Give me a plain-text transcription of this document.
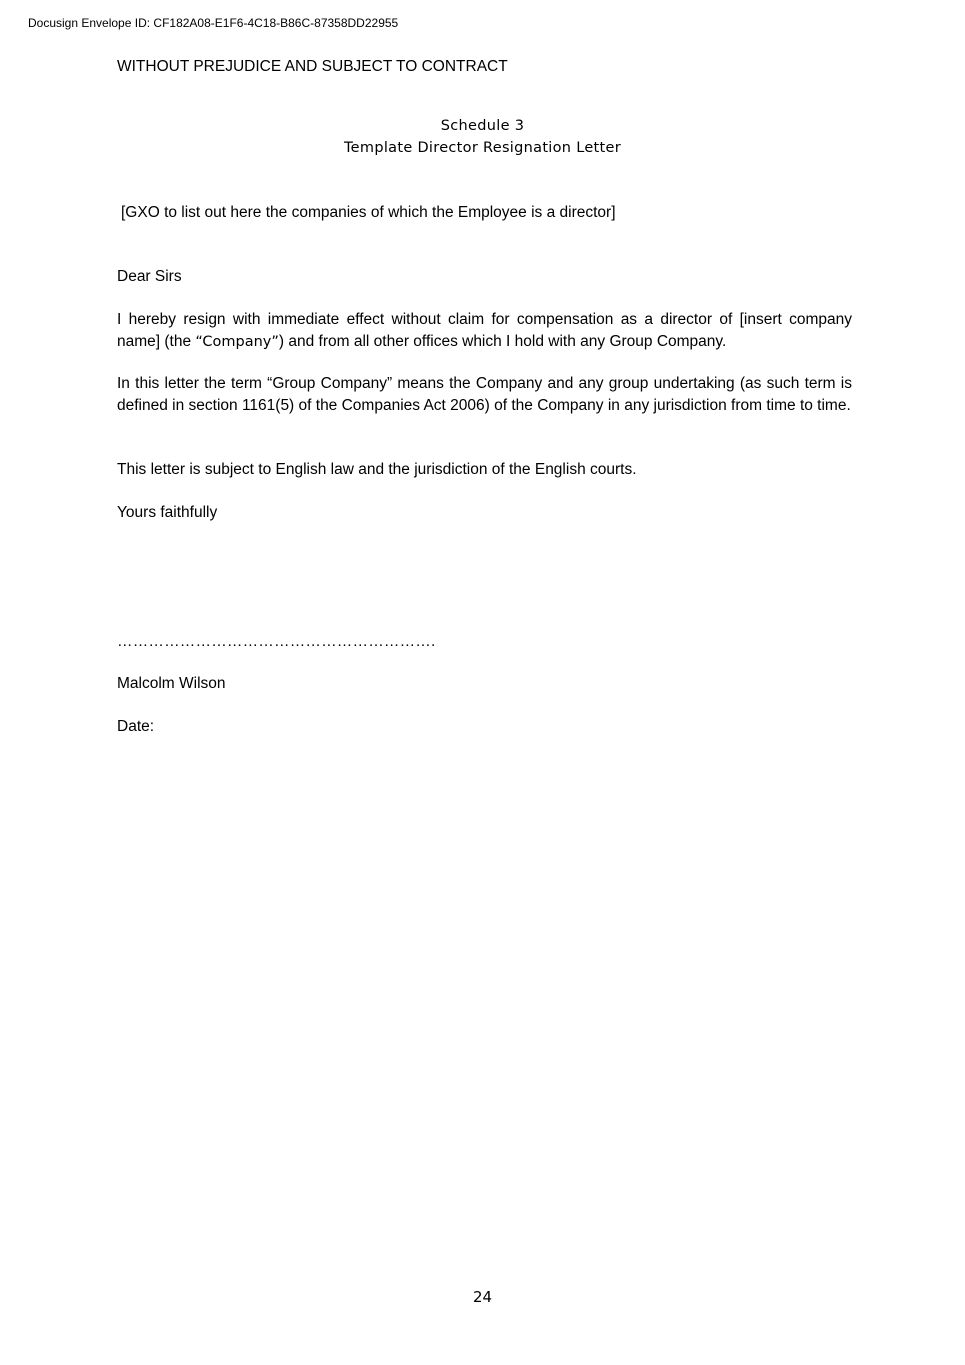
Docusign Envelope ID: CF182A08-E1F6-4C18-B86C-87358DD22955
WITHOUT PREJUDICE AND SUBJECT TO CONTRACT
Schedule 3
Template Director Resignation Letter
[GXO to list out here the companies of which the Employee is a director]
Dear Sirs
I hereby resign with immediate effect without claim for compensation as a director of [insert company name] (the “Company”) and from all other offices which I hold with any Group Company.
In this letter the term “Group Company” means the Company and any group undertaking (as such term is defined in section 1161(5) of the Companies Act 2006) of the Company in any jurisdiction from time to time.
This letter is subject to English law and the jurisdiction of the English courts.
Yours faithfully
…………………………………………………….
Malcolm Wilson
Date:
24
